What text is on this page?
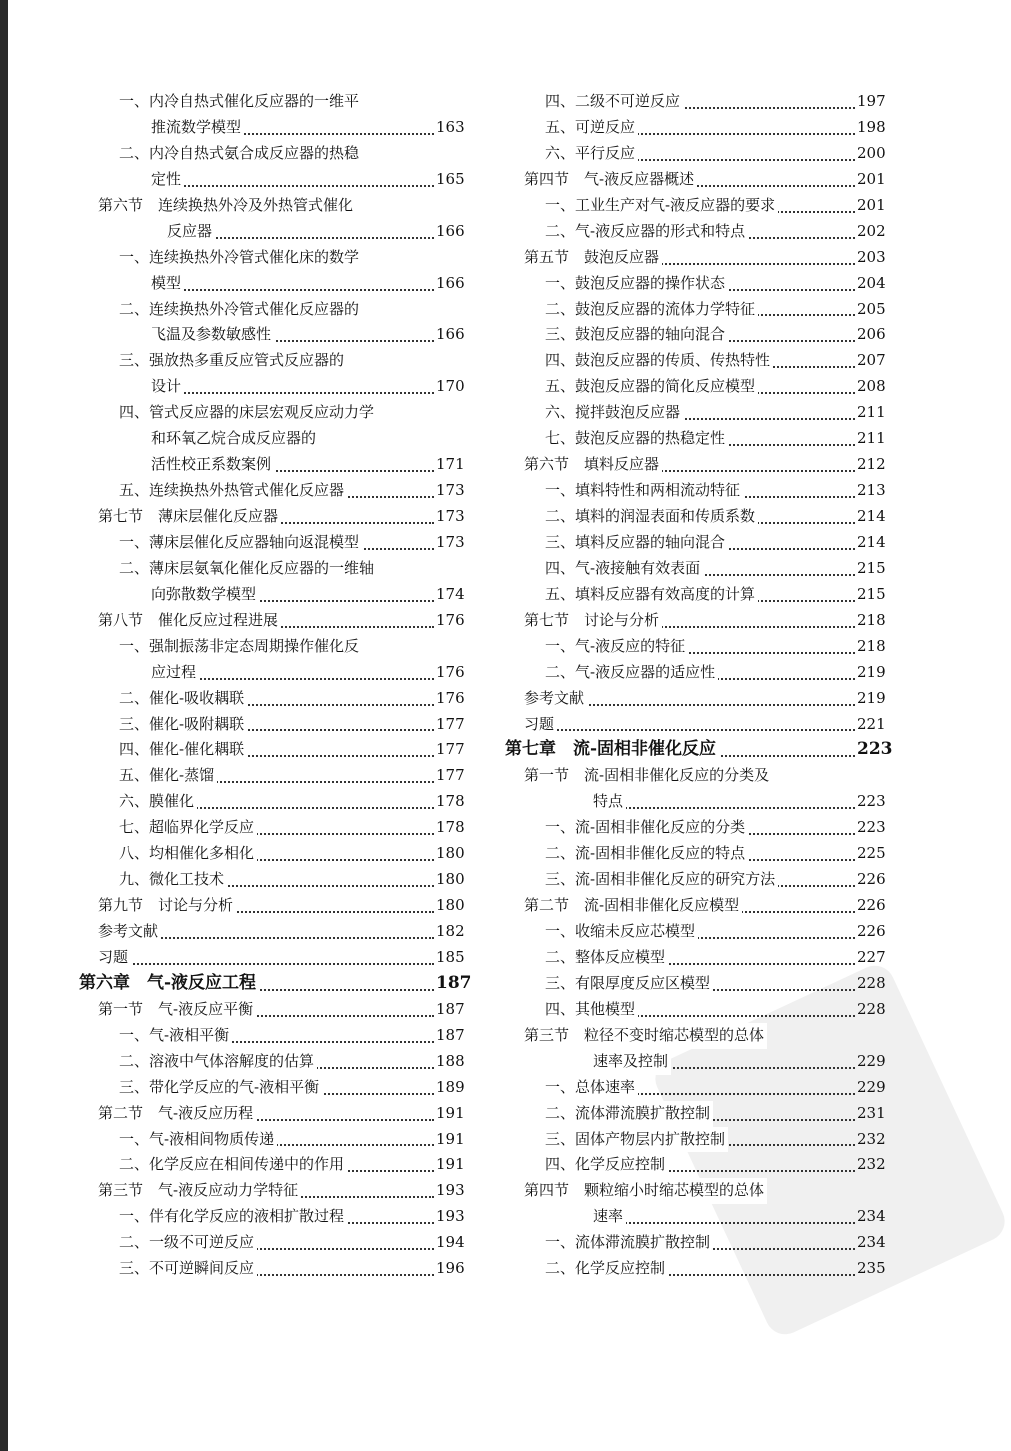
一、内冷自热式催化反应器的一维平
推流数学模型	163
二、内冷自热式氨合成反应器的热稳
定性	165
第六节　连续换热外冷及外热管式催化
反应器	166
一、连续换热外冷管式催化床的数学
模型	166
二、连续换热外冷管式催化反应器的
飞温及参数敏感性	166
三、强放热多重反应管式反应器的
设计	170
四、管式反应器的床层宏观反应动力学
和环氧乙烷合成反应器的
活性校正系数案例	171
五、连续换热外热管式催化反应器	173
第七节　薄床层催化反应器	173
一、薄床层催化反应器轴向返混模型	173
二、薄床层氨氧化催化反应器的一维轴
向弥散数学模型	174
第八节　催化反应过程进展	176
一、强制振荡非定态周期操作催化反
应过程	176
二、催化-吸收耦联	176
三、催化-吸附耦联	177
四、催化-催化耦联	177
五、催化-蒸馏	177
六、膜催化	178
七、超临界化学反应	178
八、均相催化多相化	180
九、微化工技术	180
第九节　讨论与分析	180
参考文献	182
习题	185
第六章　气-液反应工程	187
第一节　气-液反应平衡	187
一、气-液相平衡	187
二、溶液中气体溶解度的估算	188
三、带化学反应的气-液相平衡	189
第二节　气-液反应历程	191
一、气-液相间物质传递	191
二、化学反应在相间传递中的作用	191
第三节　气-液反应动力学特征	193
一、伴有化学反应的液相扩散过程	193
二、一级不可逆反应	194
三、不可逆瞬间反应	196
四、二级不可逆反应	197
五、可逆反应	198
六、平行反应	200
第四节　气-液反应器概述	201
一、工业生产对气-液反应器的要求	201
二、气-液反应器的形式和特点	202
第五节　鼓泡反应器	203
一、鼓泡反应器的操作状态	204
二、鼓泡反应器的流体力学特征	205
三、鼓泡反应器的轴向混合	206
四、鼓泡反应器的传质、传热特性	207
五、鼓泡反应器的简化反应模型	208
六、搅拌鼓泡反应器	211
七、鼓泡反应器的热稳定性	211
第六节　填料反应器	212
一、填料特性和两相流动特征	213
二、填料的润湿表面和传质系数	214
三、填料反应器的轴向混合	214
四、气-液接触有效表面	215
五、填料反应器有效高度的计算	215
第七节　讨论与分析	218
一、气-液反应的特征	218
二、气-液反应器的适应性	219
参考文献	219
习题	221
第七章　流-固相非催化反应	223
第一节　流-固相非催化反应的分类及
特点	223
一、流-固相非催化反应的分类	223
二、流-固相非催化反应的特点	225
三、流-固相非催化反应的研究方法	226
第二节　流-固相非催化反应模型	226
一、收缩未反应芯模型	226
二、整体反应模型	227
三、有限厚度反应区模型	228
四、其他模型	228
第三节　粒径不变时缩芯模型的总体
速率及控制	229
一、总体速率	229
二、流体滞流膜扩散控制	231
三、固体产物层内扩散控制	232
四、化学反应控制	232
第四节　颗粒缩小时缩芯模型的总体
速率	234
一、流体滞流膜扩散控制	234
二、化学反应控制	235
